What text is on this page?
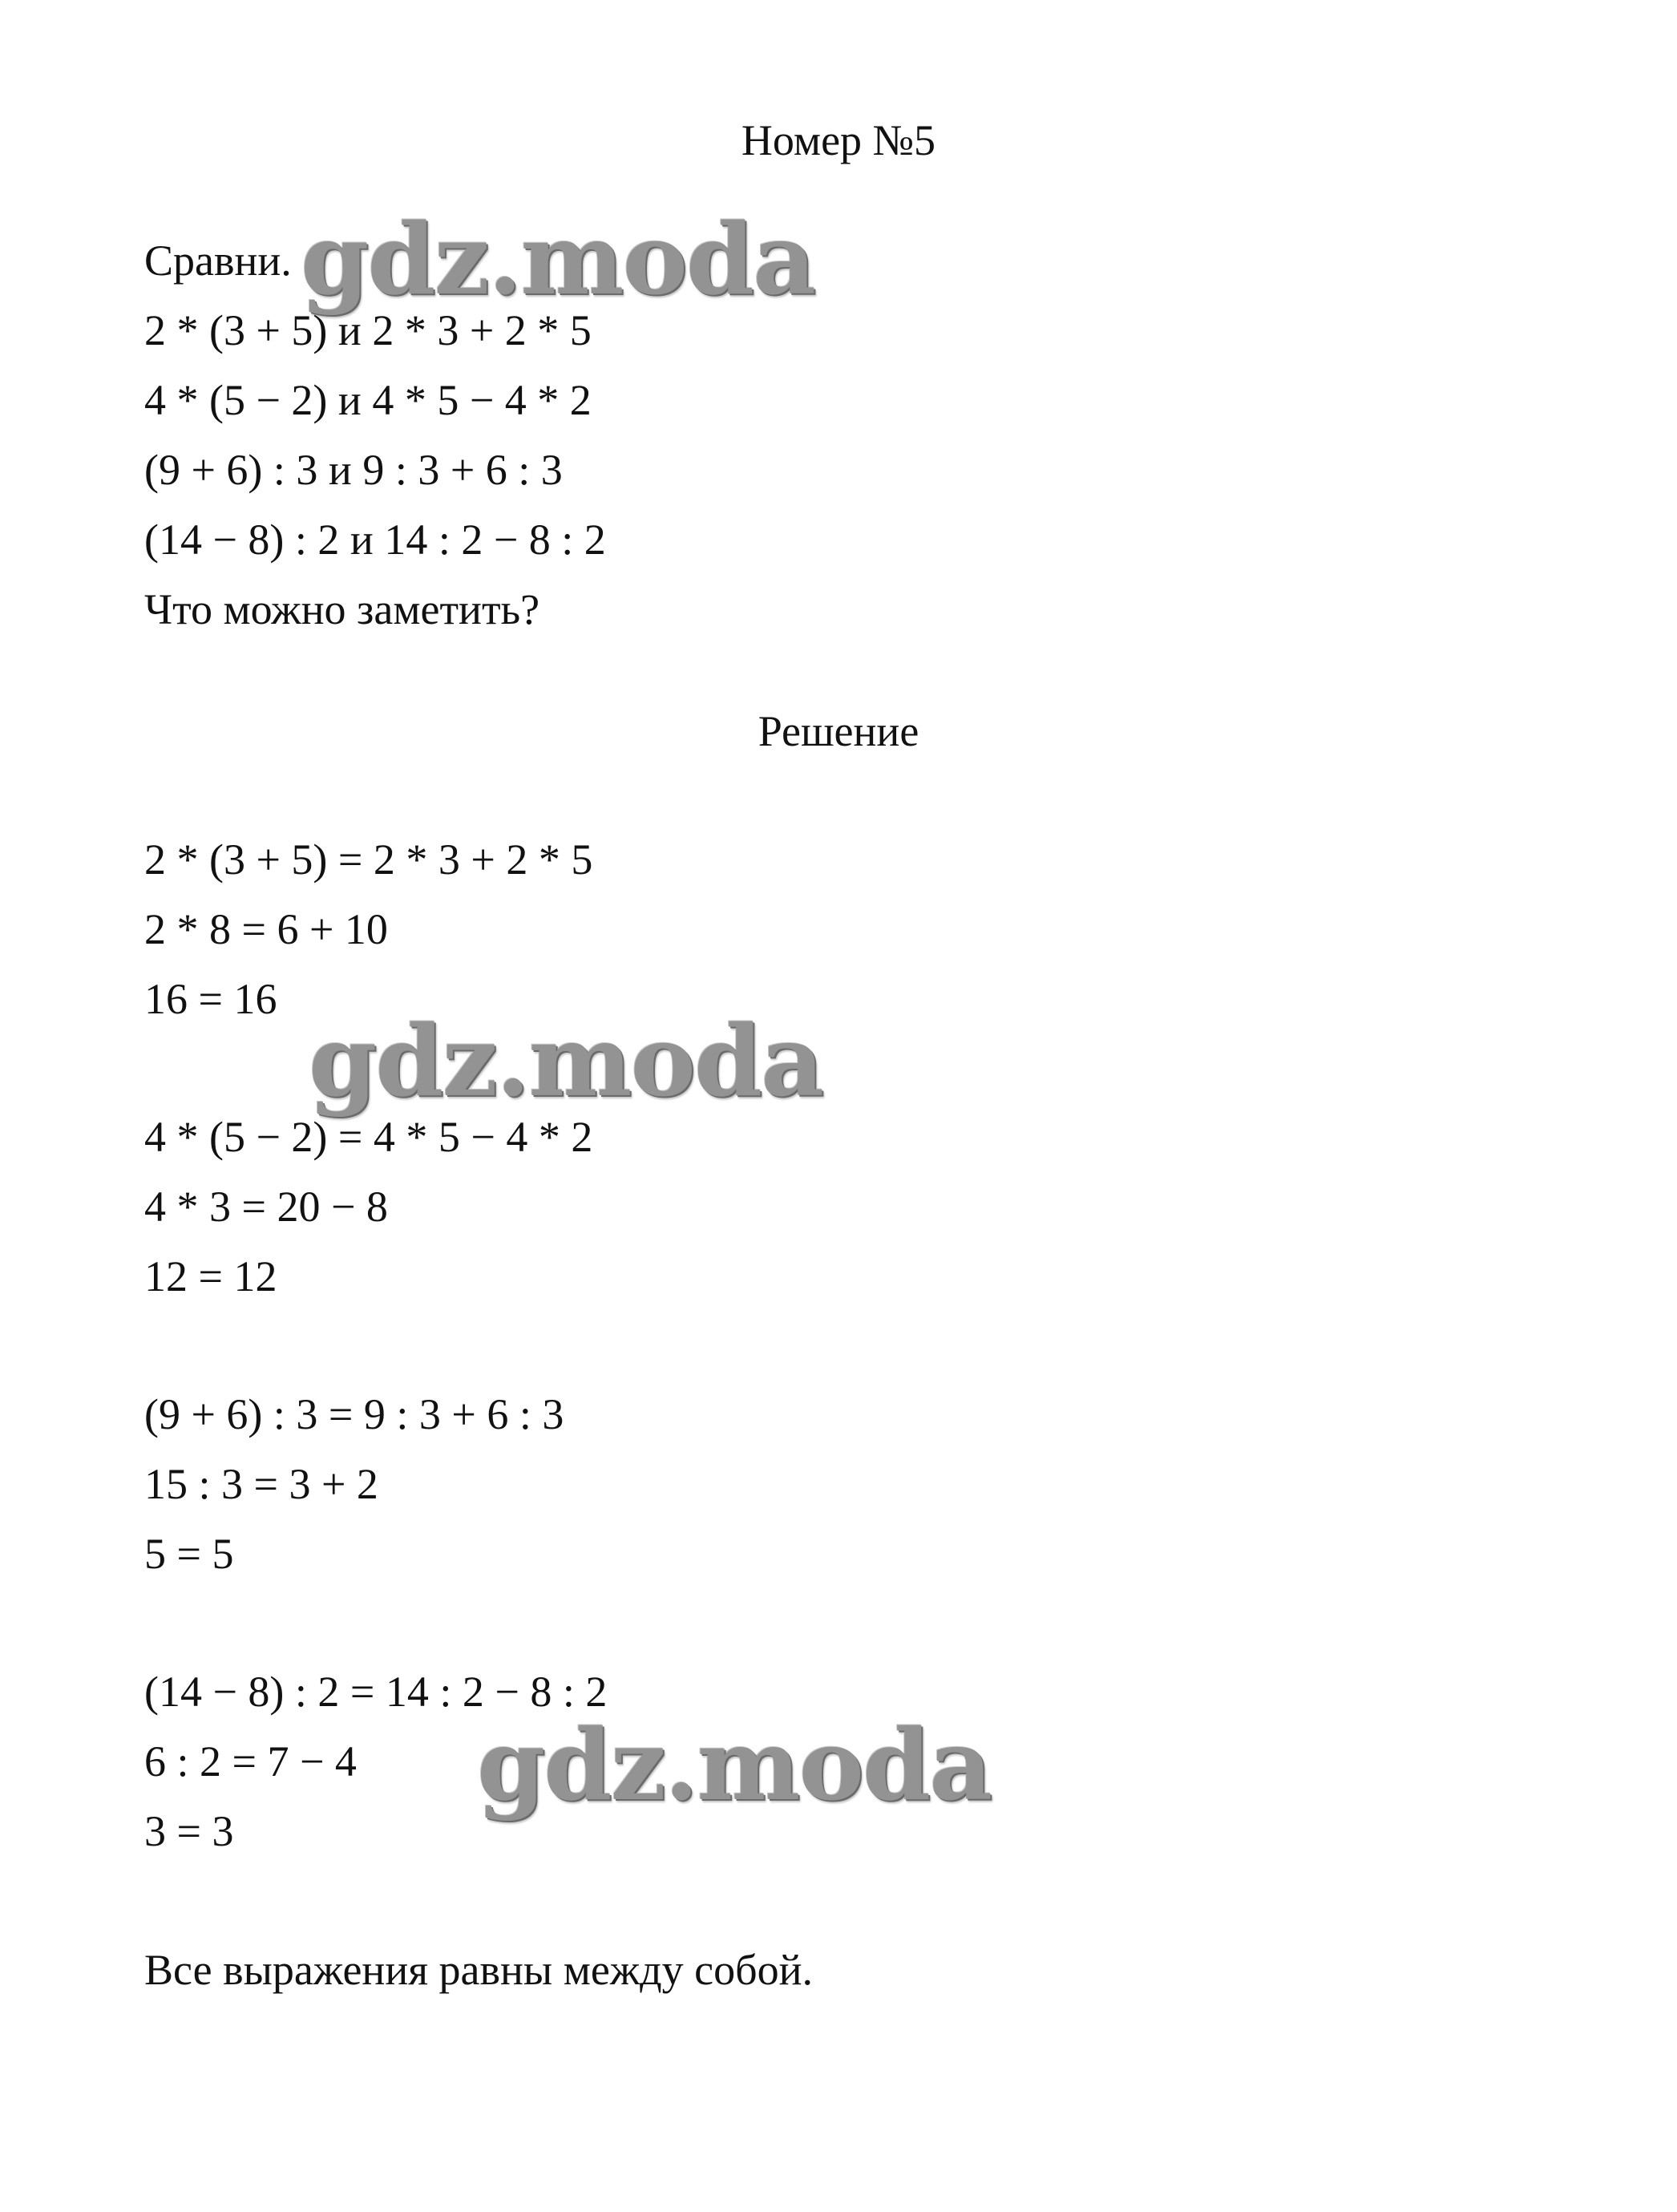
Номер №5
Сравни.
2 * (3 + 5) и 2 * 3 + 2 * 5
4 * (5 − 2) и 4 * 5 − 4 * 2
(9 + 6) : 3 и 9 : 3 + 6 : 3
(14 − 8) : 2 и 14 : 2 − 8 : 2
Что можно заметить?
Решение
2 * (3 + 5) = 2 * 3 + 2 * 5
2 * 8 = 6 + 10
16 = 16
4 * (5 − 2) = 4 * 5 − 4 * 2
4 * 3 = 20 − 8
12 = 12
(9 + 6) : 3 = 9 : 3 + 6 : 3
15 : 3 = 3 + 2
5 = 5
(14 − 8) : 2 = 14 : 2 − 8 : 2
6 : 2 = 7 − 4
3 = 3
Все выражения равны между собой.
gdz.moda
gdz.moda
gdz.moda
